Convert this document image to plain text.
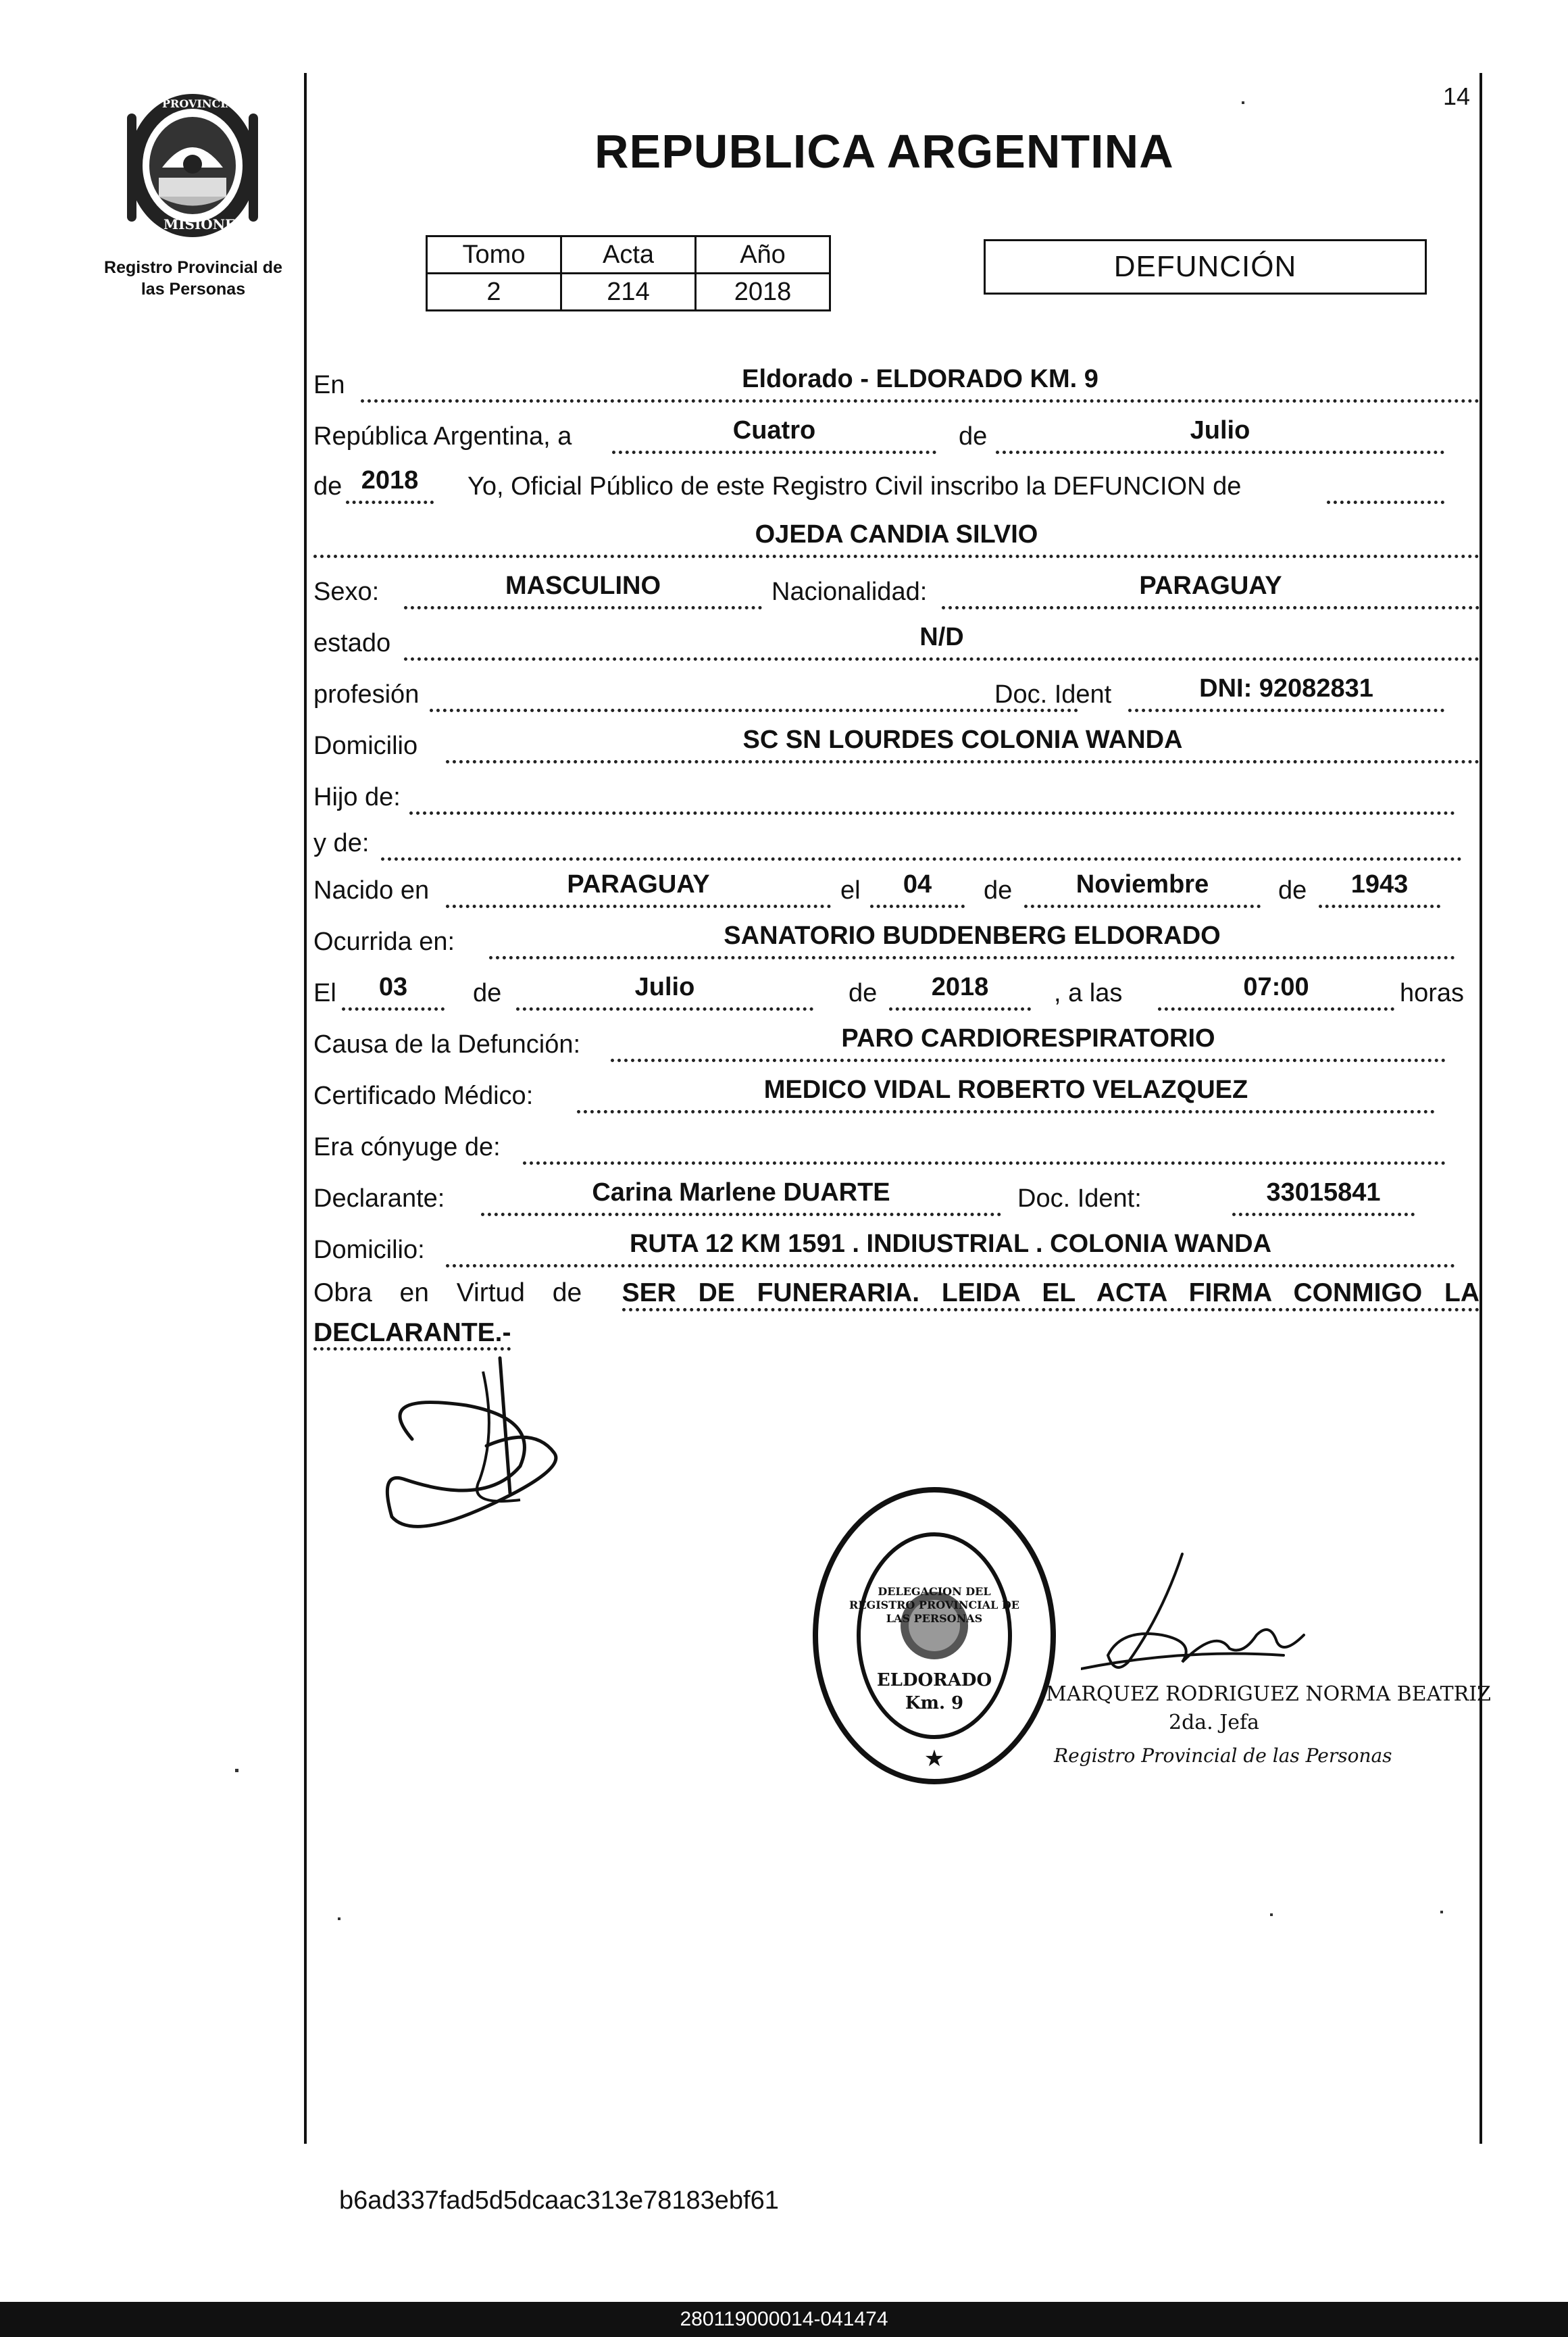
14
PROVINCIA DE
MISIONES
Registro Provincial de
las Personas
REPUBLICA ARGENTINA
Tomo	Acta	Año
2	214	2018
DEFUNCIÓN
En	Eldorado - ELDORADO KM. 9
República Argentina, a	Cuatro	de	Julio
de 2018	Yo, Oficial Público de este Registro Civil inscribo la DEFUNCION de
OJEDA CANDIA SILVIO
Sexo:	MASCULINO	Nacionalidad:	PARAGUAY
estado	N/D
profesión	Doc. Ident	DNI: 92082831
Domicilio	SC SN LOURDES COLONIA WANDA
Hijo de:
y de:
Nacido en	PARAGUAY	el	04	de	Noviembre	de	1943
Ocurrida en:	SANATORIO BUDDENBERG ELDORADO
El	03	de	Julio	de	2018	, a las	07:00	horas
Causa de la Defunción:	PARO CARDIORESPIRATORIO
Certificado Médico:	MEDICO VIDAL ROBERTO VELAZQUEZ
Era cónyuge de:
Declarante:	Carina Marlene DUARTE	Doc. Ident:	33015841
Domicilio:	RUTA 12 KM 1591 . INDIUSTRIAL . COLONIA WANDA
Obra en Virtud de SER DE FUNERARIA. LEIDA EL ACTA FIRMA CONMIGO LA
DECLARANTE.-
★
DELEGACION DEL REGISTRO PROVINCIAL DE LAS PERSONAS
ELDORADO
Km. 9	MARQUEZ RODRIGUEZ NORMA BEATRIZ
2da. Jefa
Registro Provincial de las Personas
b6ad337fad5d5dcaac313e78183ebf61
280119000014-041474
